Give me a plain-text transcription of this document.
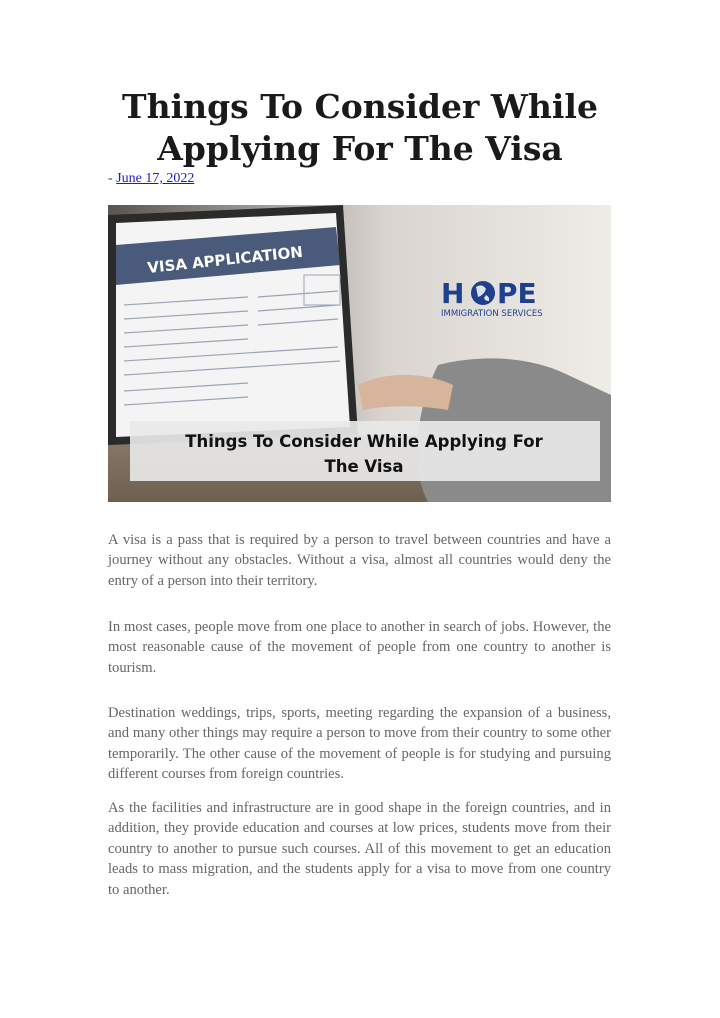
Things To Consider While Applying For The Visa
- June 17, 2022
VISA APPLICATION
H PE
IMMIGRATION SERVICES
Things To Consider While Applying For
The Visa

A visa is a pass that is required by a person to travel between countries and have a journey without any obstacles. Without a visa, almost all countries would deny the entry of a person into their territory.

In most cases, people move from one place to another in search of jobs. However, the most reasonable cause of the movement of people from one country to another is tourism.

Destination weddings, trips, sports, meeting regarding the expansion of a business, and many other things may require a person to move from their country to some other temporarily. The other cause of the movement of people is for studying and pursuing different courses from foreign countries.

As the facilities and infrastructure are in good shape in the foreign countries, and in addition, they provide education and courses at low prices, students move from their country to another to pursue such courses. All of this movement to get an education leads to mass migration, and the students apply for a visa to move from one country to another.
